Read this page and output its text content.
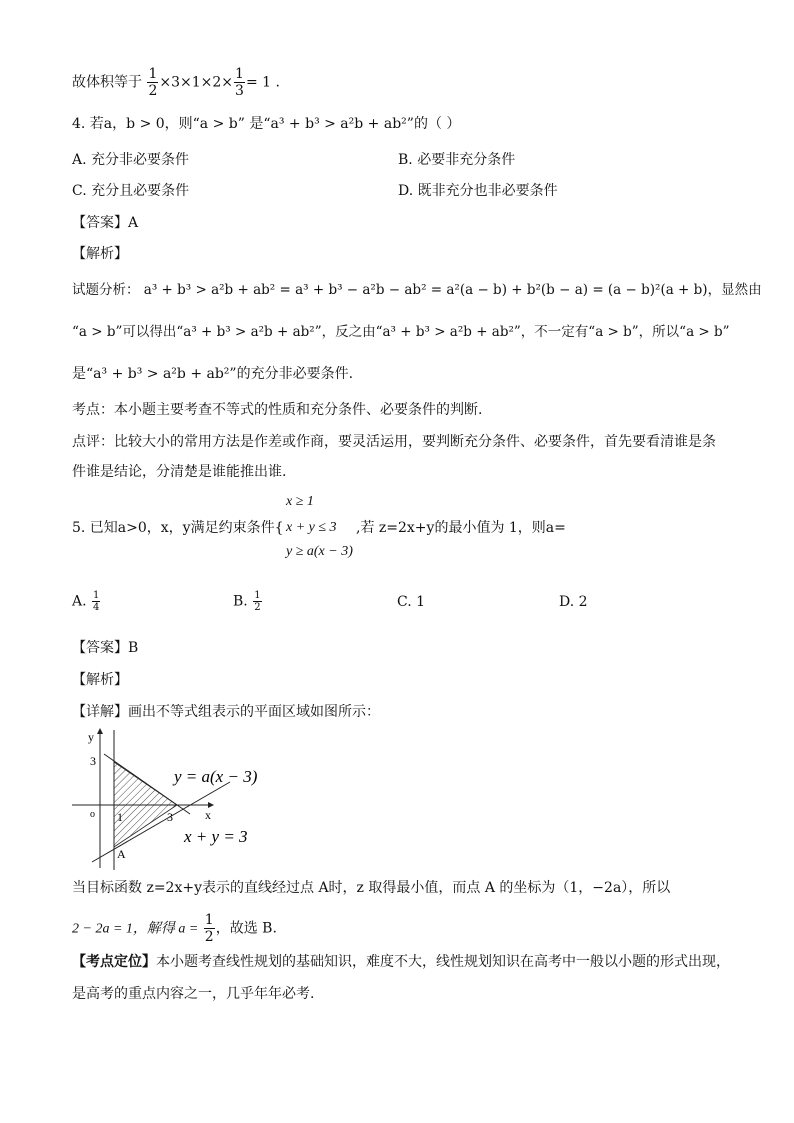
故体积等于 $\frac{1}{2} \times 3\times 1\times 2\times \frac{1}{3} = 1$ .
4. 若a，b > 0，则“a > b” 是“a³ + b³ > a²b + ab²”的（ ）
A. 充分非必要条件	B. 必要非充分条件
C. 充分且必要条件	D. 既非充分也非必要条件
【答案】A
【解析】
试题分析： a³ + b³ > a²b + ab² = a³ + b³ − a²b − ab² = a²(a − b) + b²(b − a) = (a − b)²(a + b)，显然由
“a > b”可以得出“a³ + b³ > a²b + ab²”，反之由“a³ + b³ > a²b + ab²”，不一定有“a > b”，所以“a > b”
是“a³ + b³ > a²b + ab²”的充分非必要条件.
考点：本小题主要考查不等式的性质和充分条件、必要条件的判断.
点评：比较大小的常用方法是作差或作商，要灵活运用，要判断充分条件、必要条件，首先要看清谁是条
件谁是结论，分清楚是谁能推出谁.
x ≥ 1
5. 已知a>0，x，y满足约束条件{ x + y ≤ 3 ,若 z=2x+y的最小值为 1，则a=
y ≥ a(x − 3)
A. $\frac{1}{4}$	B. $\frac{1}{2}$	C. 1	D. 2
【答案】B
【解析】
【详解】画出不等式组表示的平面区域如图所示：
y
x
3
3
1
o
A
y = a(x − 3)
x + y = 3
当目标函数 z=2x+y表示的直线经过点 A时，z 取得最小值，而点 A 的坐标为（1，−2a），所以
2 − 2a = 1，解得 $a = \frac{1}{2}$ ，故选 B.
【考点定位】本小题考查线性规划的基础知识，难度不大，线性规划知识在高考中一般以小题的形式出现，
是高考的重点内容之一，几乎年年必考.
